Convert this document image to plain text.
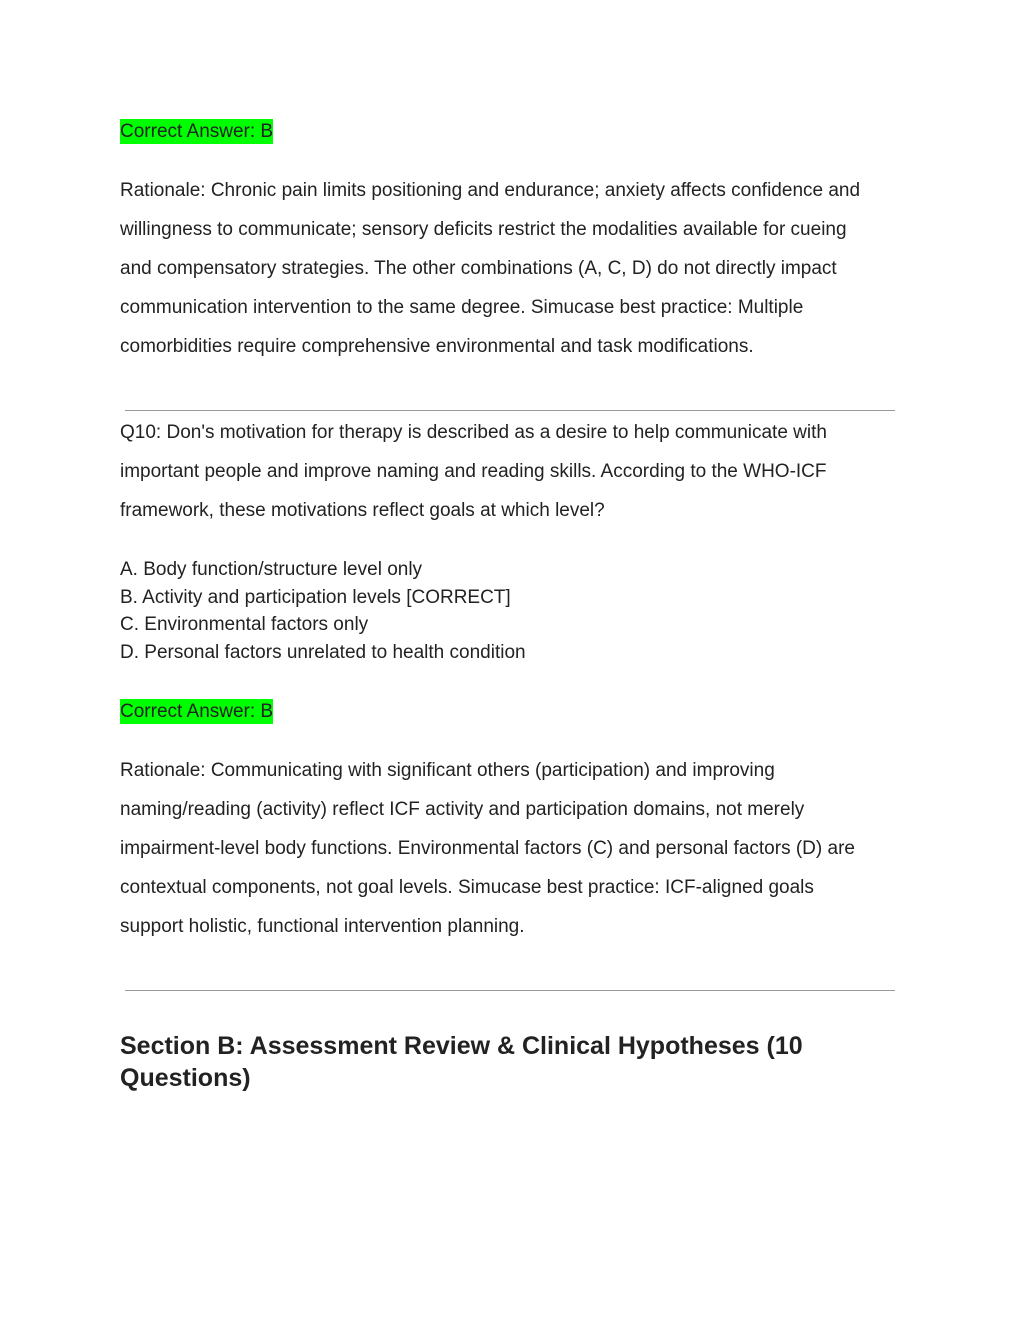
Correct Answer: B
Rationale: Chronic pain limits positioning and endurance; anxiety affects confidence and
willingness to communicate; sensory deficits restrict the modalities available for cueing
and compensatory strategies. The other combinations (A, C, D) do not directly impact
communication intervention to the same degree. Simucase best practice: Multiple
comorbidities require comprehensive environmental and task modifications.
Q10: Don's motivation for therapy is described as a desire to help communicate with
important people and improve naming and reading skills. According to the WHO-ICF
framework, these motivations reflect goals at which level?
A. Body function/structure level only
B. Activity and participation levels [CORRECT]
C. Environmental factors only
D. Personal factors unrelated to health condition
Correct Answer: B
Rationale: Communicating with significant others (participation) and improving
naming/reading (activity) reflect ICF activity and participation domains, not merely
impairment-level body functions. Environmental factors (C) and personal factors (D) are
contextual components, not goal levels. Simucase best practice: ICF-aligned goals
support holistic, functional intervention planning.
Section B: Assessment Review & Clinical Hypotheses (10 Questions)
